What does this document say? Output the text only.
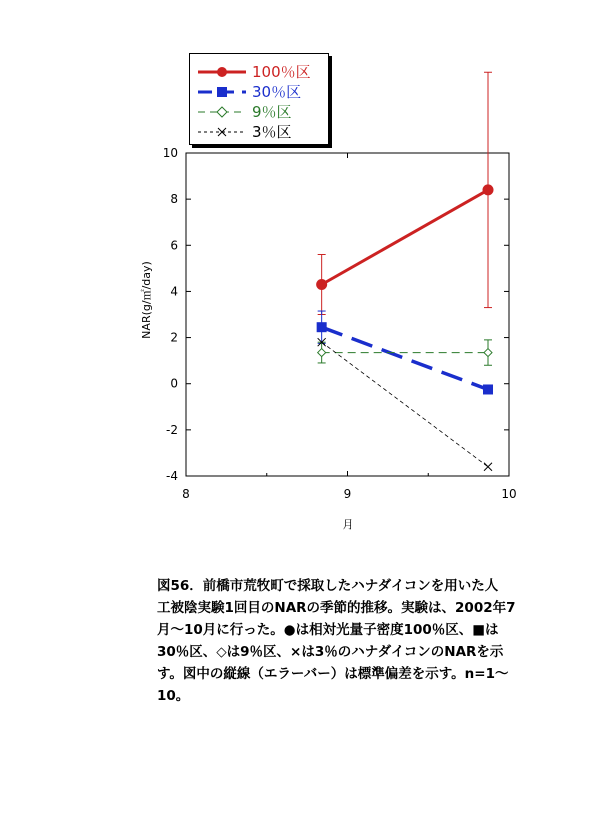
-4
-2
0
2
4
6
8
10
8	9	10
月
NAR(g/㎡/day)
100％区
30％区
9％区
3％区
図56．前橋市荒牧町で採取したハナダイコンを用いた人
工被陰実験1回目のNARの季節的推移。実験は、2002年7
月～10月に行った。●は相対光量子密度100％区、■は
30％区、◇は9％区、×は3％のハナダイコンのNARを示
す。図中の縦線（エラーバー）は標準偏差を示す。n=1～
10。
